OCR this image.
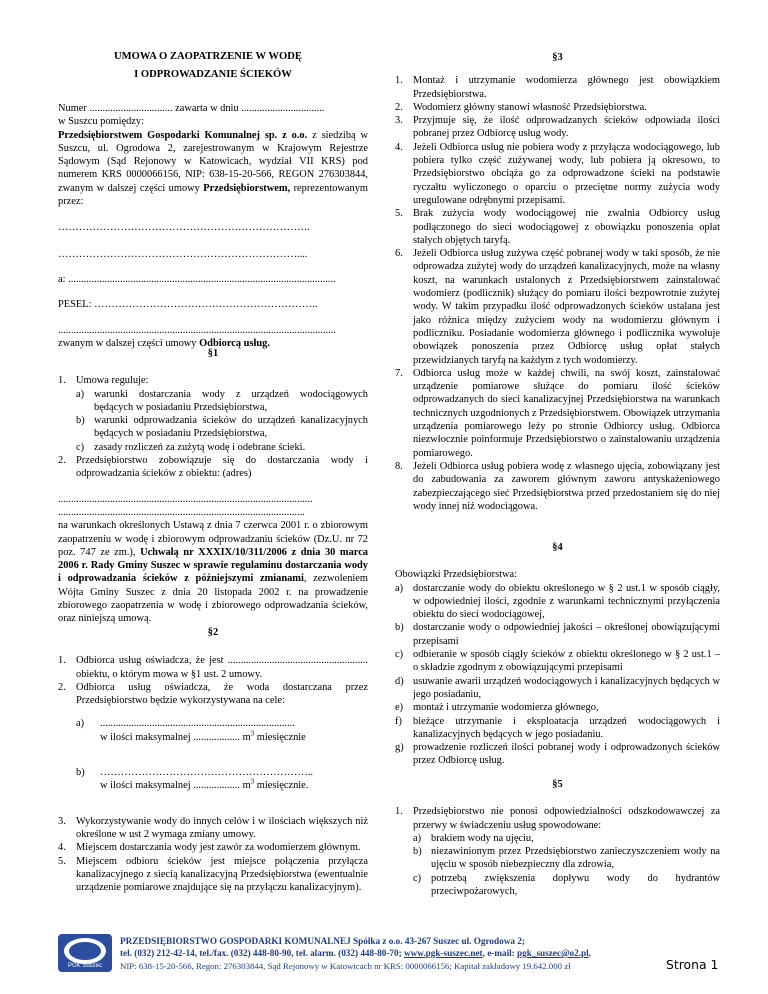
UMOWA O ZAOPATRZENIE W WODĘ
I ODPROWADZANIE ŚCIEKÓW

Numer ................................ zawarta w dniu ................................

w Suszcu pomiędzy:

Przedsiębiorstwem Gospodarki Komunalnej sp. z o.o. z siedzibą w Suszcu, ul. Ogrodowa 2, zarejestrowanym w Krajowym Rejestrze Sądowym (Sąd Rejonowy w Katowicach, wydział VII KRS) pod numerem KRS 0000066156, NIP: 638-15-20-566, REGON 276303844, zwanym w dalszej części umowy Przedsiębiorstwem, reprezentowanym przez:

……………………………………………………………….

……………………………………………………………....

a: .......................................................................................................

PESEL: ………………………………………………………..

...........................................................................................................

zwanym w dalszej części umowy Odbiorcą usług.

§1

1. Umowa reguluje:

a) warunki dostarczania wody z urządzeń wodociągowych będących w posiadaniu Przedsiębiorstwa,
b) warunki odprowadzania ścieków do urządzeń kanalizacyjnych będących w posiadaniu Przedsiębiorstwa,
c) zasady rozliczeń za zużytą wodę i odebrane ścieki.
2. Przedsiębiorstwo zobowiązuje się do dostarczania wody i odprowadzania ścieków z obiektu: (adres)

..................................................................................................

...............................................................................................

na warunkach określonych Ustawą z dnia 7 czerwca 2001 r. o zbiorowym zaopatrzeniu w wodę i zbiorowym odprowadzaniu ścieków (Dz.U. nr 72 poz. 747 ze zm.), Uchwałą nr XXXIX/10/311/2006 z dnia 30 marca 2006 r. Rady Gminy Suszec w sprawie regulaminu dostarczania wody i odprowadzania ścieków z późniejszymi zmianami, zezwoleniem Wójta Gminy Suszec z dnia 20 listopada 2002 r. na prowadzenie zbiorowego zaopatrzenia w wodę i zbiorowego odprowadzania ścieków, oraz niniejszą umową.

§2

1. Odbiorca usług oświadcza, że jest ...................................................... obiektu, o którym mowa w §1 ust. 2 umowy.

2. Odbiorca usług oświadcza, że woda dostarczana przez Przedsiębiorstwo będzie wykorzystywana na cele:

a)	...........................................................................

w ilości maksymalnej .................. $m^3$ miesięcznie

b)	……………………………………………………..

w ilości maksymalnej .................. $m^3$ miesięcznie.

3. Wykorzystywanie wody do innych celów i w ilościach większych niż określone w ust 2 wymaga zmiany umowy.

4. Miejscem dostarczania wody jest zawór za wodomierzem głównym.

5. Miejscem odbioru ścieków jest miejsce połączenia przyłącza kanalizacyjnego z siecią kanalizacyjną Przedsiębiorstwa (ewentualnie urządzenie pomiarowe znajdujące się na przyłączu kanalizacyjnym).

§3

1. Montaż i utrzymanie wodomierza głównego jest obowiązkiem Przedsiębiorstwa.

2. Wodomierz główny stanowi własność Przedsiębiorstwa.

3. Przyjmuje się, że ilość odprowadzanych ścieków odpowiada ilości pobranej przez Odbiorcę usług wody.

4. Jeżeli Odbiorca usług nie pobiera wody z przyłącza wodociągowego, lub pobiera tylko część zużywanej wody, lub pobiera ją okresowo, to Przedsiębiorstwo obciąża go za odprowadzone ścieki na podstawie ryczałtu wyliczonego o oparciu o przeciętne normy zużycia wody uregulowane odrębnymi przepisami.

5. Brak zużycia wody wodociągowej nie zwalnia Odbiorcy usług podłączonego do sieci wodociągowej z obowiązku ponoszenia opłat stałych objętych taryfą.

6. Jeżeli Odbiorca usług zużywa część pobranej wody w taki sposób, że nie odprowadza zużytej wody do urządzeń kanalizacyjnych, może na własny koszt, na warunkach ustalonych z Przedsiębiorstwem zainstalować wodomierz (podlicznik) służący do pomiaru ilości bezpowrotnie zużytej wody. W takim przypadku ilość odprowadzonych ścieków ustalana jest jako różnica między zużyciem wody na wodomierzu głównym i podliczniku. Posiadanie wodomierza głównego i podlicznika wywołuje obowiązek ponoszenia przez Odbiorcę usług opłat stałych przewidzianych taryfą na każdym z tych wodomierzy.

7. Odbiorca usług może w każdej chwili, na swój koszt, zainstalować urządzenie pomiarowe służące do pomiaru ilość ścieków odprowadzanych do sieci kanalizacyjnej Przedsiębiorstwa na warunkach technicznych uzgodnionych z Przedsiębiorstwem. Obowiązek utrzymania urządzenia pomiarowego leży po stronie Odbiorcy usług. Odbiorca niezwłocznie poinformuje Przedsiębiorstwo o zainstalowaniu urządzenia pomiarowego.

8. Jeżeli Odbiorca usług pobiera wodę z własnego ujęcia, zobowiązany jest do zabudowania za zaworem głównym zaworu antyskażeniowego zabezpieczającego sieć Przedsiębiorstwa przed przedostaniem się do niej wody innej niż wodociągowa.

§4

Obowiązki Przedsiębiorstwa:

a) dostarczanie wody do obiektu określonego w § 2 ust.1 w sposób ciągły, w odpowiedniej ilości, zgodnie z warunkami technicznymi przyłączenia obiektu do sieci wodociągowej,
b) dostarczanie wody o odpowiedniej jakości – określonej obowiązującymi przepisami
c) odbieranie w sposób ciągły ścieków z obiektu określonego w § 2 ust.1 – o składzie zgodnym z obowiązującymi przepisami
d) usuwanie awarii urządzeń wodociągowych i kanalizacyjnych będących w jego posiadaniu,
e) montaż i utrzymanie wodomierza głównego,
f) bieżące utrzymanie i eksploatacja urządzeń wodociągowych i kanalizacyjnych będących w jego posiadaniu.
g) prowadzenie rozliczeń ilości pobranej wody i odprowadzonych ścieków przez Odbiorcę usług.

§5

1. Przedsiębiorstwo nie ponosi odpowiedzialności odszkodowawczej za przerwy w świadczeniu usług spowodowane:

a) brakiem wody na ujęciu,
b) niezawinionym przez Przedsiębiorstwo zanieczyszczeniem wody na ujęciu w sposób niebezpieczny dla zdrowia,
c) potrzebą zwiększenia dopływu wody do hydrantów przeciwpożarowych,
PGK Suszec
PRZEDSIĘBIORSTWO GOSPODARKI KOMUNALNEJ Spółka z o.o. 43-267 Suszec ul. Ogrodowa 2;
tel. (032) 212-42-14, tel./fax. (032) 448-80-90, tel. alarm. (032) 448-80-70; www.pgk-suszec.net, e-mail: pgk_suszec@o2.pl,
NIP: 638-15-20-566, Regon: 276303844, Sąd Rejonowy w Katowicach nr KRS: 0000066156; Kapitał zakładowy 19.642.000 zł	Strona 1
